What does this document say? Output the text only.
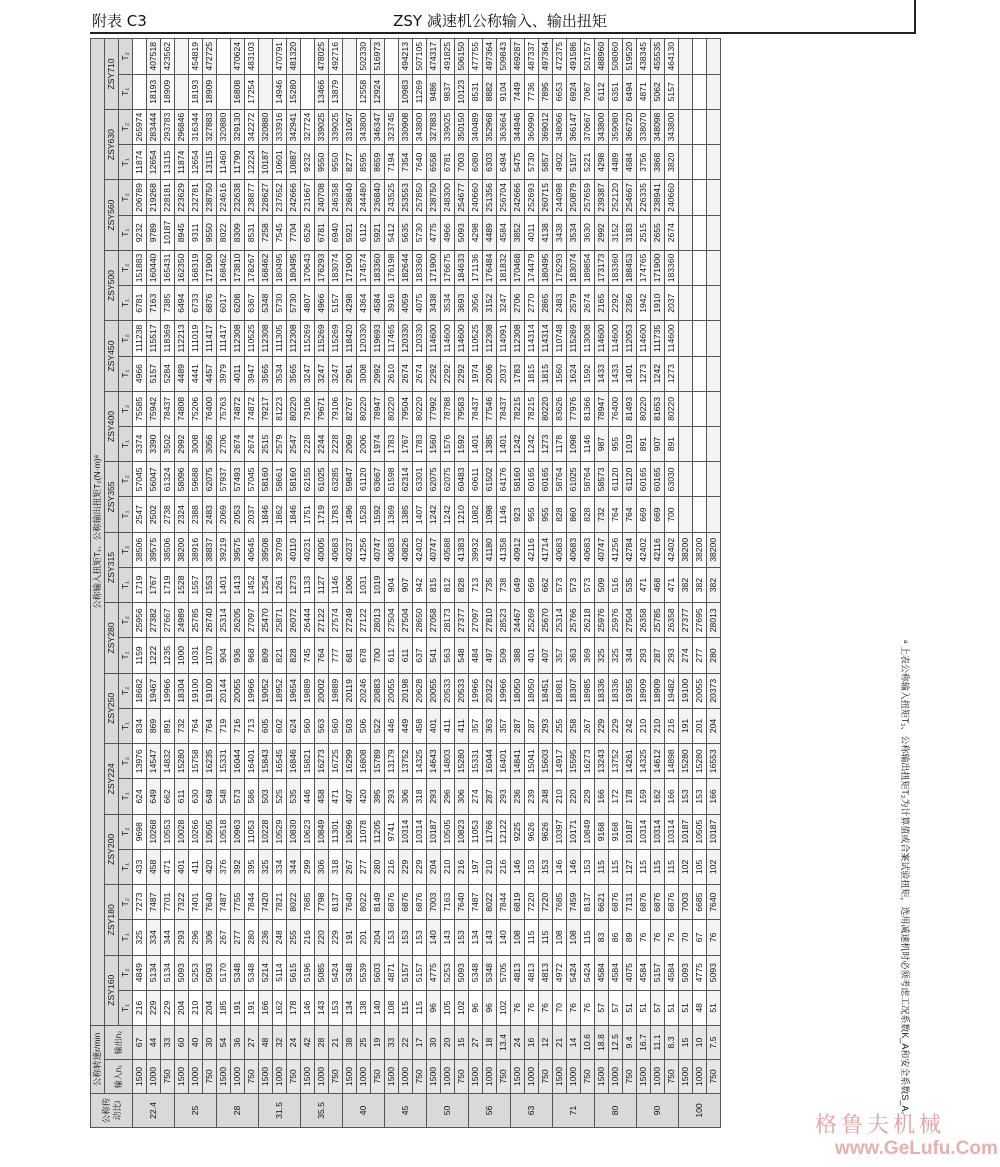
附表 C3	ZSY 减速机公称输入、输出扭矩
公称传动比i	公称转速r/min		公称输入扭矩T₁、公称输出扭矩T₂(N·m)ᵃ																											
	输入n₁	输出n₂	ZSY160		ZSY180		ZSY200		ZSY224		ZSY250		ZSY280		ZSY315		ZSY355		ZSY400		ZSY450		ZSY500		ZSY560		ZSY630		ZSY710	
			T₁	T₂	T₁	T₂	T₁	T₂	T₁	T₂	T₁	T₂	T₁	T₂	T₁	T₂	T₁	T₂	T₁	T₂	T₁	T₂	T₁	T₂	T₁	T₂	T₁	T₂	T₁	T₂
22.4	1500	67	216	4849	325	7273	433	9698	624	13976	834	18682	1159	25956	1719	38506	2547	57045	3374	75585	4966	111238	6781	151883	9232	206789	11874	265974		
	1000	44	229	5134	334	7487	458	10268	649	14547	869	19467	1222	27382	1767	39575	2502	56047	3390	75942	5157	115517	7163	160440	9789	219268	12654	283444	18193	407518
	750	33	229	5134	344	7701	471	10553	662	14832	891	19966	1235	27667	1719	38506	2738	61324	3502	78437	5284	118369	7385	165431	10187	228181	13115	293783	18909	423562
25	1500	60	204	5093	293	7322	401	10028	611	15280	732	18304	1000	24989	1528	38200	2324	58096	2992	74808	4489	112213	6494	162350	8945	223629	11874	296846		
	1000	40	210	5253	296	7401	411	10266	630	15758	764	19100	1031	25785	1557	38916	2388	59688	3008	75206	4441	111019	6733	168319	9311	232781	12654	316344	18193	454819
	750	30	204	5093	306	7640	420	10505	649	16235	764	19100	1070	26740	1553	38837	2483	62075	3056	76400	4457	111417	6876	171900	9550	238750	13115	327883	18909	472725
28	1500	54	185	5170	267	7487	376	10518	548	15331	719	20144	904	25314	1401	39219	2069	57937	2706	75763	3979	111417	6017	168462	8022	224616	11460	320880		
	1000	36	191	5348	277	7755	392	10963	573	16044	716	20055	936	26205	1413	39575	2053	57493	2674	74872	4011	112308	6208	173810	8309	232638	11790	329130	16808	470624
	750	27	191	5348	280	7844	395	11053	586	16401	713	19966	968	27097	1452	40645	2037	57045	2674	74872	3947	110525	6367	178267	8531	238877	12224	342272	17254	483103
31.5	1500	48	166	5214	236	7420	325	10228	503	15843	605	19052	809	25470	1254	39508	1846	58160	2515	79217	3565	112308	5348	168462	7258	228627	10187	320880		
	1000	32	162	5114	248	7821	334	10529	525	16545	602	18952	821	25871	1261	39709	1862	58661	2579	81223	3534	111305	5730	180495	7545	237652	10601	333916	14946	470791
	750	24	178	5615	255	8022	344	10830	535	16846	624	19654	828	26072	1273	40110	1846	58160	2547	80220	3565	112308	5730	180495	7704	242666	10887	342941	15280	481320
35.5	1500	42	146	5196	216	7685	299	10623	446	15821	560	19889	745	26444	1133	40231	1751	62155	2228	79106	3247	115269	4807	170643	6526	231667	9232	327724		
	1000	28	143	5085	220	7798	306	10849	458	16273	563	20002	764	27122	1127	40005	1719	61025	2244	79671	3247	115269	4966	176293	6781	240708	9550	339025	13466	478025
	750	21	153	5424	229	8137	318	11301	471	16725	560	19889	777	27574	1146	40683	1783	63285	2228	79106	3247	115269	5157	183074	6940	246358	9550	339025	13879	492716
40	1500	38	134	5348	191	7640	267	10696	407	16299	503	20119	681	27249	1006	40237	1496	59847	2069	82767	2961	118420	4298	171900	5921	236840	8277	331067		
	1000	25	138	5539	201	8022	277	11078	420	16808	506	20246	678	27122	1031	41256	1528	61120	2006	80220	3008	120330	4364	174574	6112	244480	8595	343800	12558	502330
	750	19	140	5603	204	8149	280	11205	395	15789	522	20883	700	28013	1019	40747	1592	63667	1974	78947	2992	119693	4584	183360	5921	236840	8659	346347	12924	516973
45	1500	33	108	4871	153	6876	216	9741	293	13179	446	20055	611	27504	904	40683	1369	61598	1783	80220	2610	117465	3916	176198	5412	243525	7194	323745		
	1000	22	115	5157	153	6876	229	10314	306	13752	449	20198	611	27504	907	40826	1385	62314	1767	79504	2674	120330	4059	182644	5635	253553	7354	330908	10983	494213
	750	17	115	5157	153	6876	229	10314	318	14325	458	20628	637	28650	942	42402	1407	63301	1783	80220	2674	120330	4075	183360	5730	257850	7640	343800	11269	507105
50	1500	30	96	4775	140	7003	204	10187	293	14643	401	20055	541	27058	815	40747	1242	62075	1560	77992	2292	114600	3438	171900	4775	238750	6558	327883	9486	474317
	1000	20	105	5253	143	7163	210	10505	296	14803	411	20533	563	28173	812	40588	1242	62075	1576	78788	2292	114600	3534	176675	4966	248300	6781	339025	9837	491825
	750	15	102	5093	153	7640	216	10823	306	15280	411	20533	548	27377	828	41383	1210	60483	1592	79583	2292	114600	3693	184633	5093	254677	7003	350150	10123	506150
56	1500	27	96	5348	134	7487	197	11053	274	15331	357	19966	484	27097	713	39932	1082	60611	1401	78437	1974	110525	3056	171136	4298	240660	6080	340489	8531	477755
	1000	18	96	5348	143	8022	210	11766	287	16044	363	20322	497	27810	735	41180	1098	61502	1385	77546	2006	112308	3152	176484	4489	251356	6303	352968	8882	497364
	750	13.4	102	5705	140	7844	216	12122	293	16401	357	19966	509	28523	738	41358	1146	64176	1401	78437	2037	114091	3247	181832	4584	256704	6494	363664	9104	509843
63	1500	24	76	4813	108	6819	146	9225	236	14841	287	18050	388	24467	649	40912	923	58160	1242	78215	1783	112308	2706	170468	3852	242666	5475	344946	7449	469287
	1000	16	76	4813	115	7220	153	9626	239	15041	287	18050	401	25269	669	42116	955	60165	1242	78215	1815	114314	2770	174479	4011	252693	5730	360990	7736	487337
	750	12	76	4813	115	7220	153	9626	248	15603	293	18451	407	25670	662	41714	955	60165	1273	80220	1815	114314	2865	180495	4138	260715	5857	369012	7895	497364
71	1500	21	70	4972	108	7685	146	10397	210	14917	255	18081	357	25314	573	40683	828	58764	1178	83626	1560	110748	2483	176293	3438	244098	4902	348066	6653	472375
	1000	14	76	5424	108	7459	146	10171	220	15595	258	18307	363	25766	573	40683	860	61025	1098	77976	1624	115269	2579	183074	3534	250879	5157	366147	6924	491586
	750	10.6	76	5424	115	8137	153	10849	229	16273	267	18985	369	26218	573	40683	828	58764	1146	81366	1592	113008	2674	189854	3630	257659	5221	370667	7067	501757
80	1500	18.8	57	4584	83	6621	115	9168	166	13243	229	18336	325	25976	509	40747	732	58573	987	78947	1433	114600	2165	173173	2992	239387	4298	343800	6112	488960
	1000	12.5	57	4584	86	6876	115	9168	172	13752	229	18336	325	25976	516	41256	764	61120	955	76400	1433	114600	2292	183360	3152	252120	4489	359080	6351	508060
	750	9.4	51	4075	89	7131	127	10187	178	14261	242	19355	344	27504	535	42784	764	61120	1019	81493	1401	112053	2356	188453	3183	254667	4584	366720	6494	519520
90	1500	16.7	51	4584	76	6876	115	10314	159	14325	210	18909	293	26358	471	42402	669	60165	891	80220	1273	114600	1942	174765	2515	226335	3756	338070	4871	438345
	1000	11.1	57	5157	76	6876	115	10314	162	14612	210	18909	287	25785	468	42116	669	60165	907	81653	1242	111735	1910	171900	2655	238941	3868	348098	5062	455535
	750	8.3	51	4584	76	6876	115	10314	166	14898	216	19482	293	26358	471	42402	700	63030	891	80220	1273	114600	2037	183360	2674	240660	3820	343800	5157	464130
100	1500	15	51	5093	70	7003	102	10187	153	15280	191	19100	274	27377	382	38200														
	1000	10	48	4775	67	6685	105	10505	153	15280	201	20055	277	27695	382	38200														
	750	7.5	51	5093	76	7640	102	10187	166	16553	204	20373	280	28013	382	38200														
ᵃ 上表公称输入扭矩T₁、公称输出扭矩T₂为计算值或合案试验扭矩，选用减速机时必须考虑工况系数K_A和安全系数S_A。
格鲁夫机械
www.GeLufu.Com
